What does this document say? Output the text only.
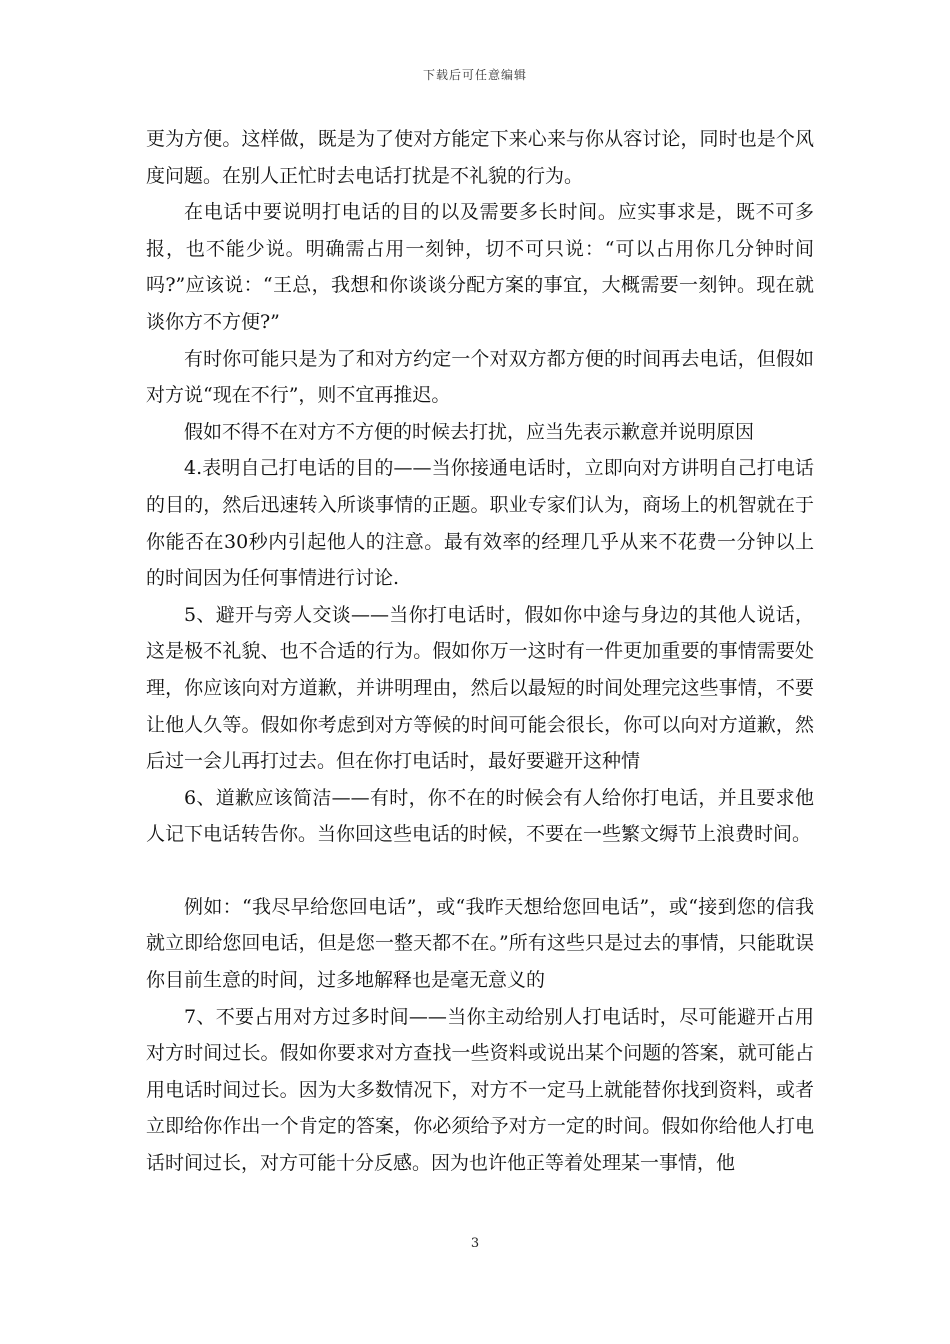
下载后可任意编辑

更为方便。这样做，既是为了使对方能定下来心来与你从容讨论，同时也是个风度问题。在别人正忙时去电话打扰是不礼貌的行为。

在电话中要说明打电话的目的以及需要多长时间。应实事求是，既不可多报，也不能少说。明确需占用一刻钟，切不可只说：“可以占用你几分钟时间吗?”应该说：“王总，我想和你谈谈分配方案的事宜，大概需要一刻钟。现在就谈你方不方便?”

有时你可能只是为了和对方约定一个对双方都方便的时间再去电话，但假如对方说“现在不行”，则不宜再推迟。

假如不得不在对方不方便的时候去打扰，应当先表示歉意并说明原因

4.表明自己打电话的目的——当你接通电话时，立即向对方讲明自己打电话的目的，然后迅速转入所谈事情的正题。职业专家们认为，商场上的机智就在于你能否在30秒内引起他人的注意。最有效率的经理几乎从来不花费一分钟以上的时间因为任何事情进行讨论.

5、避开与旁人交谈——当你打电话时，假如你中途与身边的其他人说话，这是极不礼貌、也不合适的行为。假如你万一这时有一件更加重要的事情需要处理，你应该向对方道歉，并讲明理由，然后以最短的时间处理完这些事情，不要让他人久等。假如你考虑到对方等候的时间可能会很长，你可以向对方道歉，然后过一会儿再打过去。但在你打电话时，最好要避开这种情

6、道歉应该简洁——有时，你不在的时候会有人给你打电话，并且要求他人记下电话转告你。当你回这些电话的时候，不要在一些繁文缛节上浪费时间。

例如：“我尽早给您回电话”，或“我昨天想给您回电话”，或“接到您的信我就立即给您回电话，但是您一整天都不在。”所有这些只是过去的事情，只能耽误你目前生意的时间，过多地解释也是毫无意义的

7、不要占用对方过多时间——当你主动给别人打电话时，尽可能避开占用对方时间过长。假如你要求对方查找一些资料或说出某个问题的答案，就可能占用电话时间过长。因为大多数情况下，对方不一定马上就能替你找到资料，或者立即给你作出一个肯定的答案，你必须给予对方一定的时间。假如你给他人打电话时间过长，对方可能十分反感。因为也许他正等着处理某一事情，他

3
